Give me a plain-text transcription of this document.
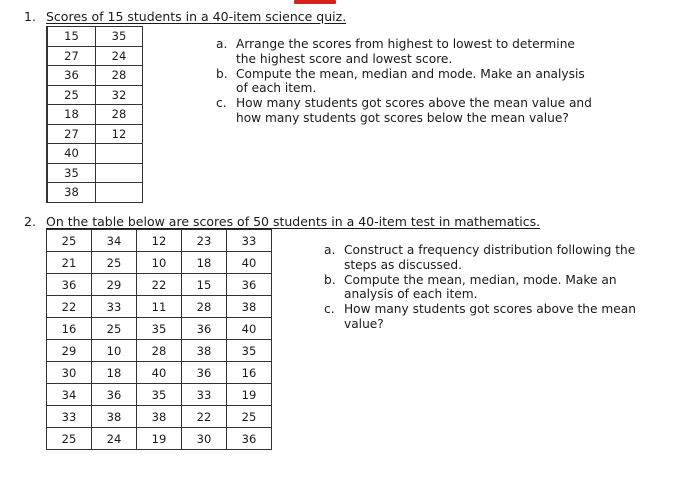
1. Scores of 15 students in a 40-item science quiz.
15	35
27	24
36	28
25	32
18	28
27	12
40	
35	
38	
a. Arrange the scores from highest to lowest to determine the highest score and lowest score.
b. Compute the mean, median and mode. Make an analysis of each item.
c. How many students got scores above the mean value and how many students got scores below the mean value?
2. On the table below are scores of 50 students in a 40-item test in mathematics.
25	34	12	23	33
21	25	10	18	40
36	29	22	15	36
22	33	11	28	38
16	25	35	36	40
29	10	28	38	35
30	18	40	36	16
34	36	35	33	19
33	38	38	22	25
25	24	19	30	36
a. Construct a frequency distribution following the steps as discussed.
b. Compute the mean, median, mode. Make an analysis of each item.
c. How many students got scores above the mean value?
